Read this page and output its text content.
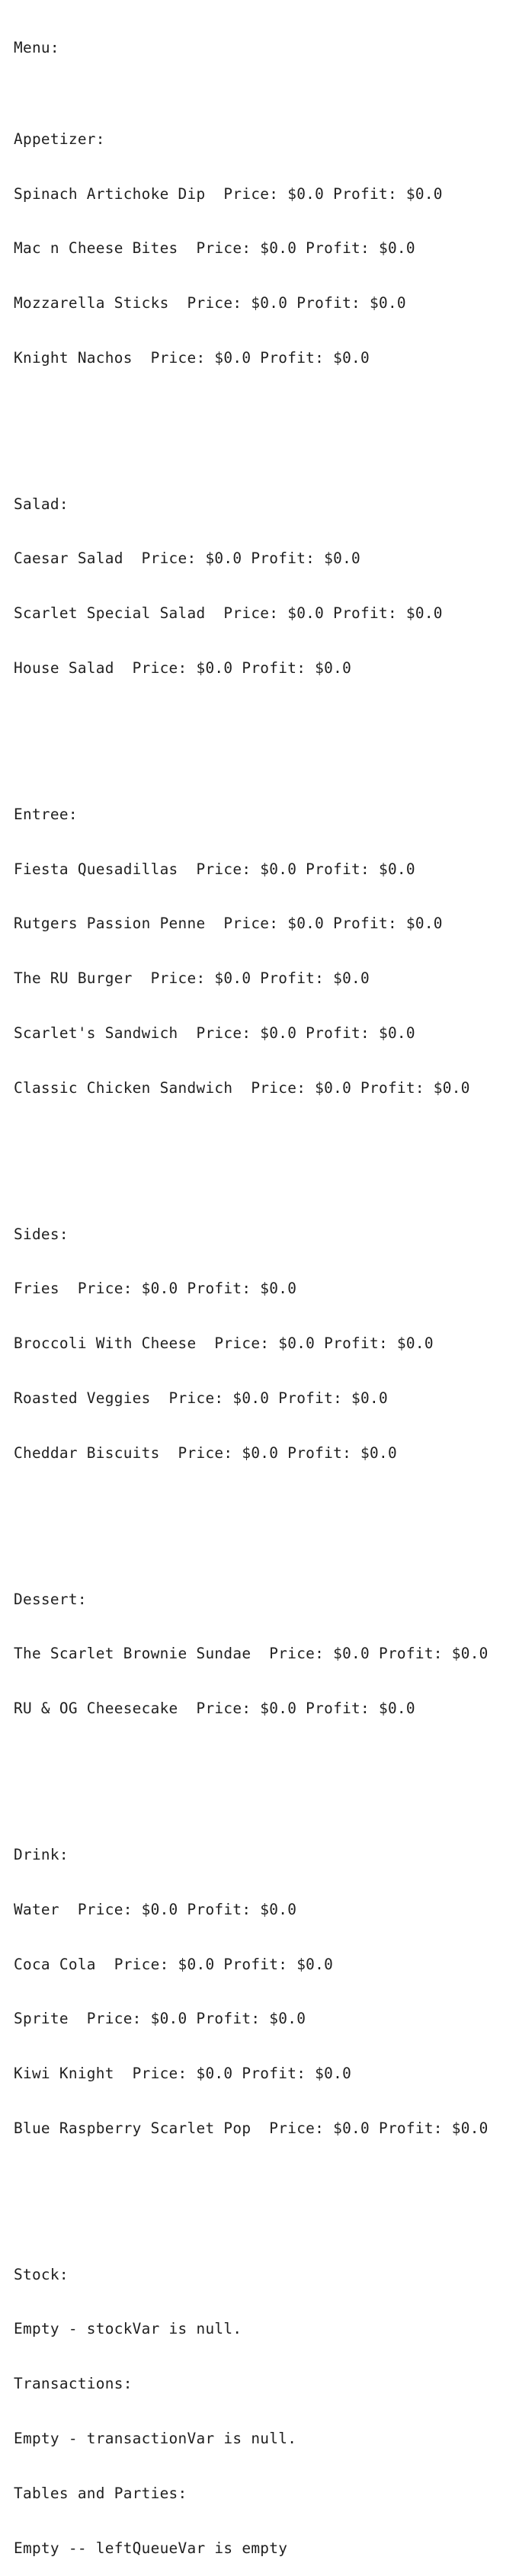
Menu:

Appetizer:

Spinach Artichoke Dip  Price: $0.0 Profit: $0.0

Mac n Cheese Bites  Price: $0.0 Profit: $0.0

Mozzarella Sticks  Price: $0.0 Profit: $0.0

Knight Nachos  Price: $0.0 Profit: $0.0

Salad:

Caesar Salad  Price: $0.0 Profit: $0.0

Scarlet Special Salad  Price: $0.0 Profit: $0.0

House Salad  Price: $0.0 Profit: $0.0

Entree:

Fiesta Quesadillas  Price: $0.0 Profit: $0.0

Rutgers Passion Penne  Price: $0.0 Profit: $0.0

The RU Burger  Price: $0.0 Profit: $0.0

Scarlet's Sandwich  Price: $0.0 Profit: $0.0

Classic Chicken Sandwich  Price: $0.0 Profit: $0.0

Sides:

Fries  Price: $0.0 Profit: $0.0

Broccoli With Cheese  Price: $0.0 Profit: $0.0

Roasted Veggies  Price: $0.0 Profit: $0.0

Cheddar Biscuits  Price: $0.0 Profit: $0.0

Dessert:

The Scarlet Brownie Sundae  Price: $0.0 Profit: $0.0

RU & OG Cheesecake  Price: $0.0 Profit: $0.0

Drink:

Water  Price: $0.0 Profit: $0.0

Coca Cola  Price: $0.0 Profit: $0.0

Sprite  Price: $0.0 Profit: $0.0

Kiwi Knight  Price: $0.0 Profit: $0.0

Blue Raspberry Scarlet Pop  Price: $0.0 Profit: $0.0

Stock:

Empty - stockVar is null.

Transactions:

Empty - transactionVar is null.

Tables and Parties:

Empty -- leftQueueVar is empty
